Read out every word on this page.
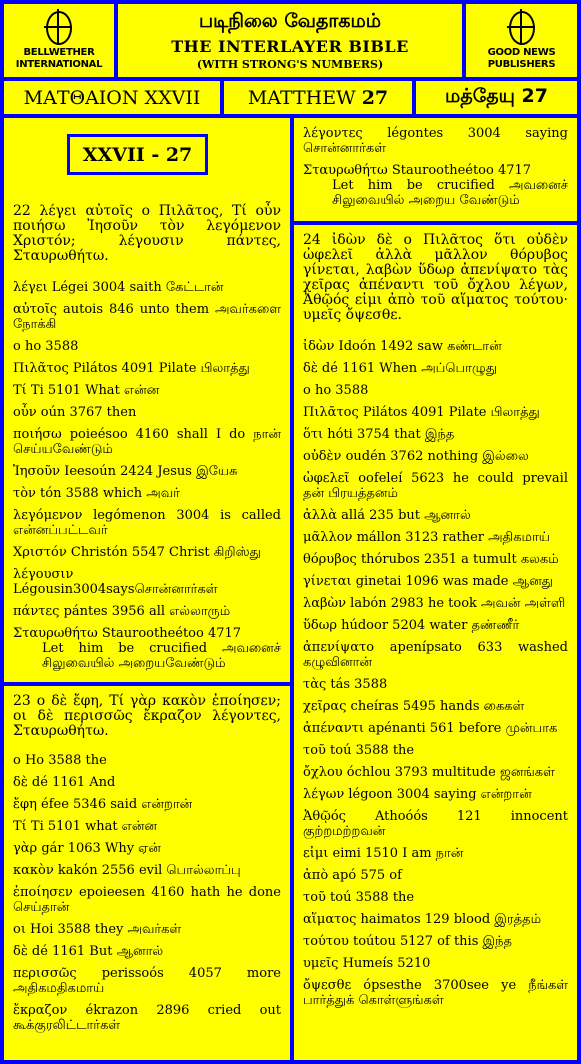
BELLWETHER INTERNATIONAL
படிநிலை வேதாகமம்
THE INTERLAYER BIBLE
(WITH STRONG'S NUMBERS)
GOOD NEWS PUBLISHERS
ΜΑΤΘΑΙΟΝ XXVII	MATTHEW
27	மத்தேயு 27
XXVII - 27
22 λέγει αὐτοῖς ο Πιλᾶτος, Τί οὖν ποιήσω Ἰησοῦν τὸν λεγόμενον Χριστόν; λέγουσιν πάντες, Σταυρωθήτω.
λέγει Légei 3004 saith கேட்டான்
αὐτοῖς autois 846 unto them அவர்களை நோக்கி
ο ho 3588
Πιλᾶτος Pilátos 4091 Pilate பிலாத்து
Τί Ti 5101 What என்ன
οὖν oún 3767 then
ποιήσω poieésoo 4160 shall I do நான் செய்யவேண்டும்
Ἰησοῦν Ieesoún 2424 Jesus இயேசு
τὸν tón 3588 which அவர்
λεγόμενον legómenon 3004 is called என்னப்பட்டவர்
Χριστόν Christón 5547 Christ கிறிஸ்து
λέγουσιν Légousin3004saysசொன்னார்கள்
πάντες pántes 3956 all எல்லாரும்
Σταυρωθήτω Staurootheétoo 4717
Let him be crucified அவனைச் சிலுவையில் அறையவேண்டும்
23 ο δὲ ἔφη, Τί γὰρ κακὸν ἐποίησεν; οι δὲ περισσῶς ἔκραζον λέγοντες, Σταυρωθήτω.
ο Ho 3588 the
δὲ dé 1161 And
ἔφη éfee 5346 said என்றான்
Τί Ti 5101 what என்ன
γὰρ gár 1063 Why ஏன்
κακὸν kakón 2556 evil பொல்லாப்பு
ἐποίησεν epoieesen 4160 hath he done செய்தான்
οι Hoi 3588 they அவர்கள்
δὲ dé 1161 But ஆனால்
περισσῶς perissoós 4057 more அதிகமதிகமாய்
ἔκραζον ékrazon 2896 cried out கூக்குரலிட்டார்கள்
λέγοντες légontes 3004 saying சொன்னார்கள்
Σταυρωθήτω Staurootheétoo 4717
Let him be crucified அவனைச் சிலுவையில் அறைய வேண்டும்
24 ἰδὼν δὲ ο Πιλᾶτος ὅτι οὐδὲν ὠφελεῖ ἀλλὰ μᾶλλον θόρυβος γίνεται, λαβὼν ὕδωρ ἀπενίψατο τὰς χεῖρας ἀπέναντι τοῦ ὄχλου λέγων, Ἀθῷός εἰμι ἀπὸ τοῦ αἵματος τούτου· υμεῖς ὄψεσθε.
ἰδὼν Idoón 1492 saw கண்டான்
δὲ dé 1161 When அப்பொழுது
ο ho 3588
Πιλᾶτος Pilátos 4091 Pilate பிலாத்து
ὅτι hóti 3754 that இந்த
οὐδὲν oudén 3762 nothing இல்லை
ὠφελεῖ oofeleí 5623 he could prevail தன் பிரயத்தனம்
ἀλλὰ allá 235 but ஆனால்
μᾶλλον mállon 3123 rather அதிகமாய்
θόρυβος thórubos 2351 a tumult கலகம்
γίνεται ginetai 1096 was made ஆனது
λαβὼν labón 2983 he took அவன் அள்ளி
ὕδωρ húdoor 5204 water தண்ணீர்
ἀπενίψατο apenípsato 633 washed கழுவினான்
τὰς tás 3588
χεῖρας cheíras 5495 hands கைகள்
ἀπέναντι apénanti 561 before முன்பாக
τοῦ toú 3588 the
ὄχλου óchlou 3793 multitude ஜனங்கள்
λέγων légoon 3004 saying என்றான்
Ἀθῷός Athoóós 121 innocent குற்றமற்றவன்
εἰμι eimi 1510 I am நான்
ἀπὸ apó 575 of
τοῦ toú 3588 the
αἵματος haimatos 129 blood இரத்தம்
τούτου toútou 5127 of this இந்த
υμεῖς Humeís 5210
ὄψεσθε ópsesthe 3700see ye நீங்கள் பார்த்துக் கொள்ளுங்கள்
